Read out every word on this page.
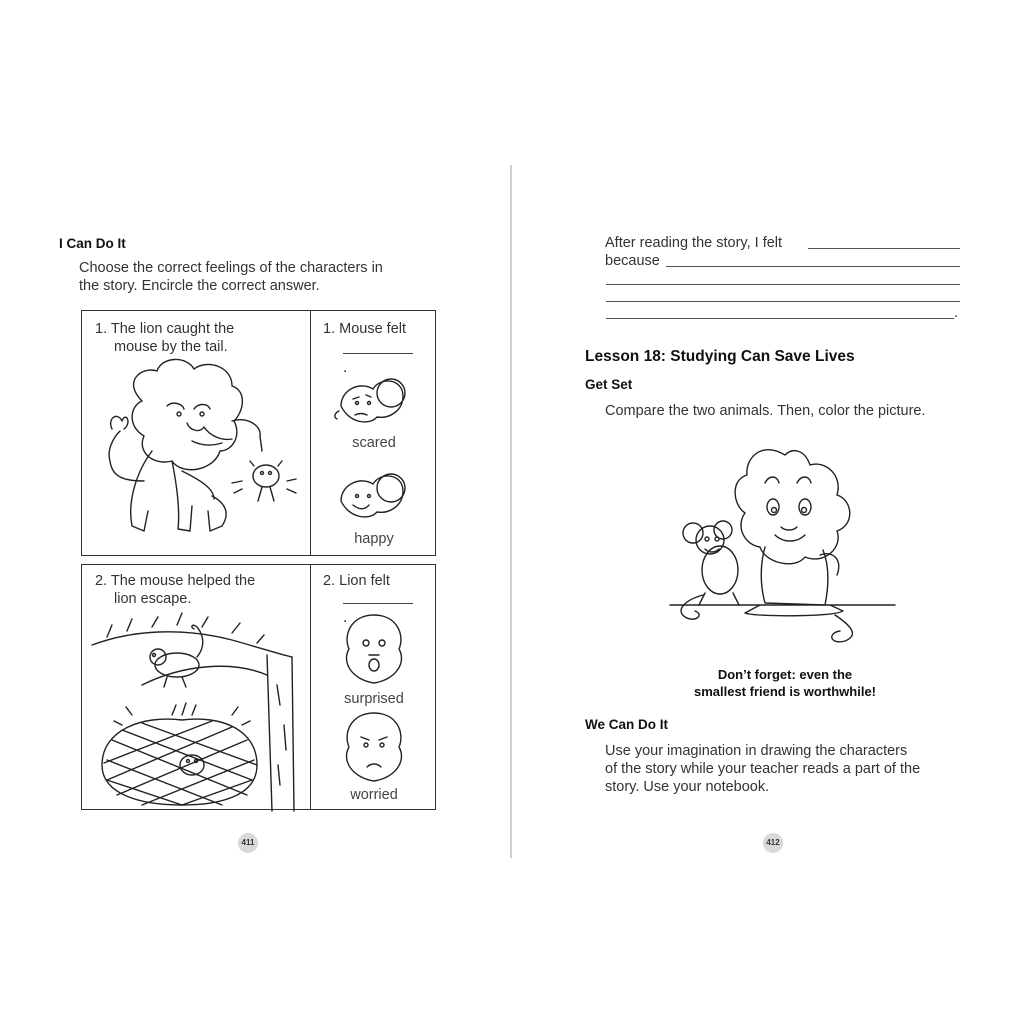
I Can Do It
Choose the correct feelings of the characters in
the story. Encircle the correct answer.
1. The lion caught the
mouse by the tail.
1. Mouse felt
.
scared
happy
2. The mouse helped the
lion escape.
2. Lion felt
.
surprised
worried
411
After reading the story, I felt
because
.
Lesson 18: Studying Can Save Lives
Get Set
Compare the two animals. Then, color the picture.
Don’t forget: even the
smallest friend is worthwhile!
We Can Do It
Use your imagination in drawing the characters
of the story while your teacher reads a part of the
story. Use your notebook.
412
